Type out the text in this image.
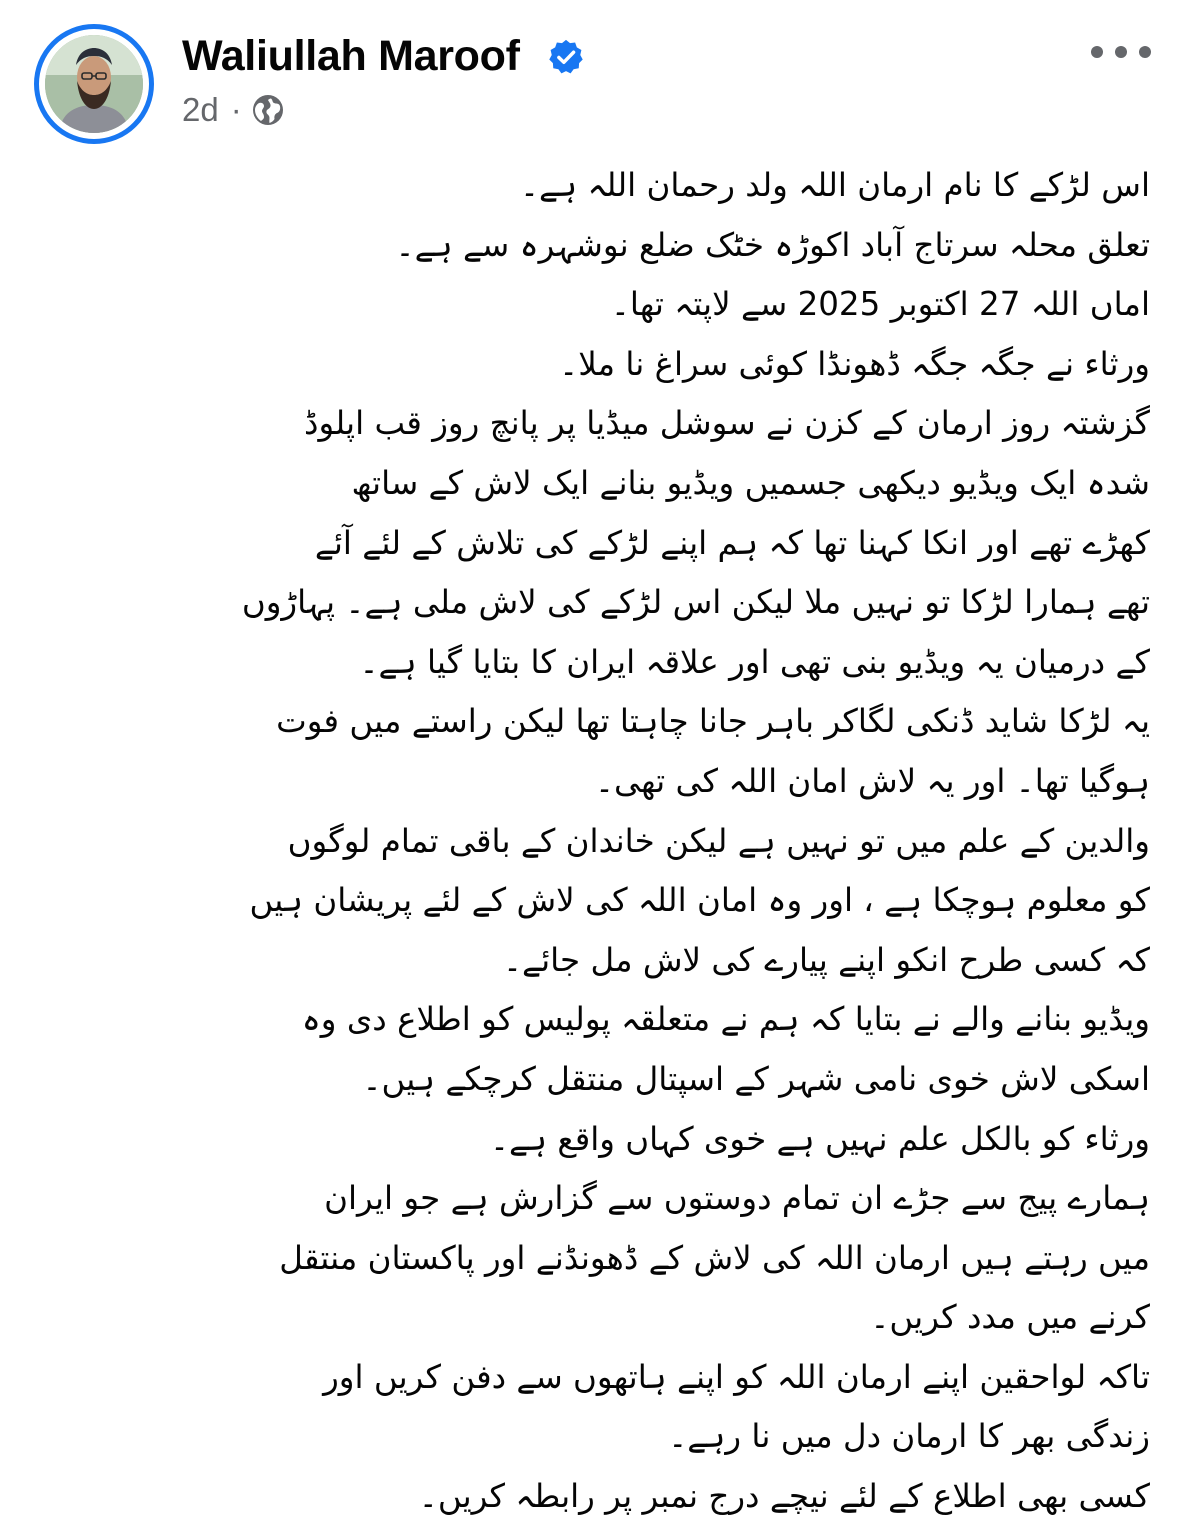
Waliullah Maroof
2d ·
اس لڑکے کا نام ارمان اللہ ولد رحمان اللہ ہے۔
تعلق محلہ سرتاج آباد اکوڑہ خٹک ضلع نوشہرہ سے ہے۔
اماں اللہ 27 اکتوبر 2025 سے لاپتہ تھا۔
ورثاء نے جگہ جگہ ڈھونڈا کوئی سراغ نا ملا۔
گزشتہ روز ارمان کے کزن نے سوشل میڈیا پر پانچ روز قب اپلوڈ
شدہ ایک ویڈیو دیکھی جسمیں ویڈیو بنانے ایک لاش کے ساتھ
کھڑے تھے اور انکا کہنا تھا کہ ہم اپنے لڑکے کی تلاش کے لئے آئے
تھے ہمارا لڑکا تو نہیں ملا لیکن اس لڑکے کی لاش ملی ہے۔ پہاڑوں
کے درمیان یہ ویڈیو بنی تھی اور علاقہ ایران کا بتایا گیا ہے۔
یہ لڑکا شاید ڈنکی لگاکر باہر جانا چاہتا تھا لیکن راستے میں فوت
ہوگیا تھا۔ اور یہ لاش امان اللہ کی تھی۔
والدین کے علم میں تو نہیں ہے لیکن خاندان کے باقی تمام لوگوں
کو معلوم ہوچکا ہے ، اور وہ امان اللہ کی لاش کے لئے پریشان ہیں
کہ کسی طرح انکو اپنے پیارے کی لاش مل جائے۔
ویڈیو بنانے والے نے بتایا کہ ہم نے متعلقہ پولیس کو اطلاع دی وہ
اسکی لاش خوی نامی شہر کے اسپتال منتقل کرچکے ہیں۔
ورثاء کو بالکل علم نہیں ہے خوی کہاں واقع ہے۔
ہمارے پیج سے جڑے ان تمام دوستوں سے گزارش ہے جو ایران
میں رہتے ہیں ارمان اللہ کی لاش کے ڈھونڈنے اور پاکستان منتقل
کرنے میں مدد کریں۔
تاکہ لواحقین اپنے ارمان اللہ کو اپنے ہاتھوں سے دفن کریں اور
زندگی بھر کا ارمان دل میں نا رہے۔
کسی بھی اطلاع کے لئے نیچے درج نمبر پر رابطہ کریں۔
